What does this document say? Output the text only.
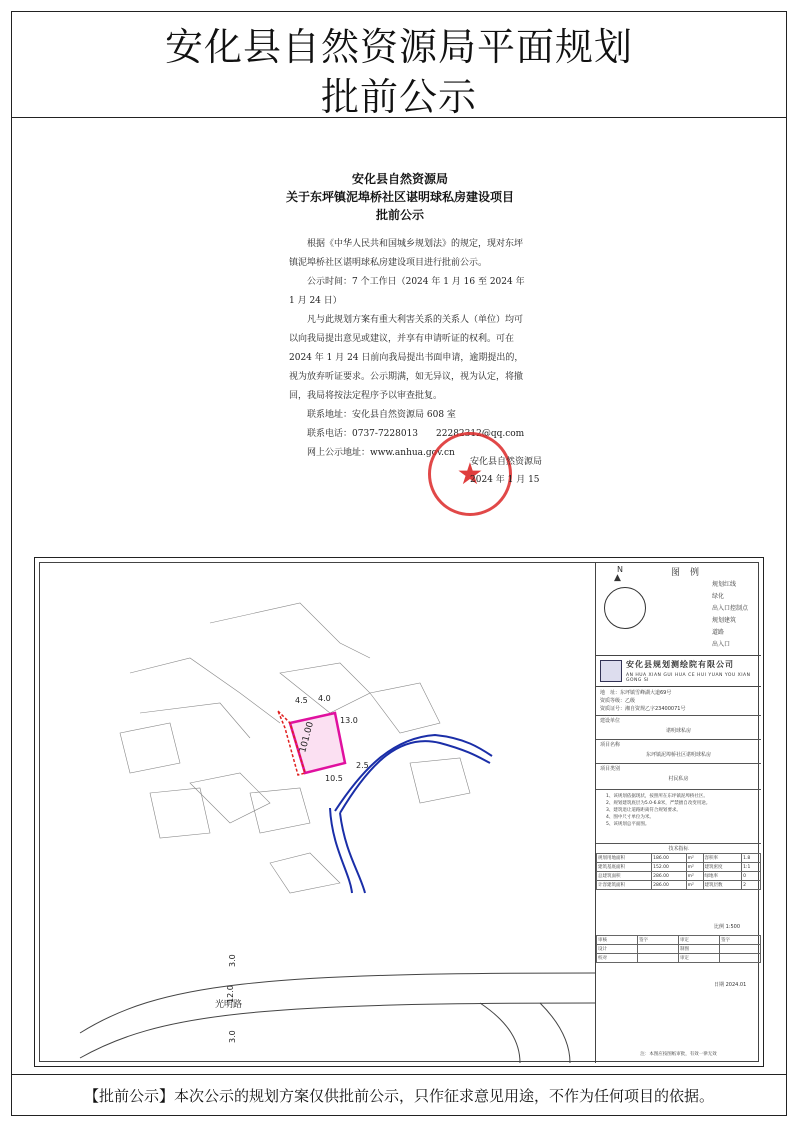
安化县自然资源局平面规划
批前公示
安化县自然资源局
关于东坪镇泥埠桥社区谌明球私房建设项目
批前公示

根据《中华人民共和国城乡规划法》的规定，现对东坪镇泥埠桥社区谌明球私房建设项目进行批前公示。

公示时间：7 个工作日（2024 年 1 月 16 至 2024 年 1 月 24 日）

凡与此规划方案有重大利害关系的关系人（单位）均可以向我局提出意见或建议，并享有申请听证的权利。可在 2024 年 1 月 24 日前向我局提出书面申请，逾期提出的，视为放弃听证要求。公示期满，如无异议，视为认定，将撤回，我局将按法定程序予以审查批复。

联系地址：安化县自然资源局 608 室

联系电话：0737-7228013　　22282312@qq.com

网上公示地址：www.anhua.gov.cn

★
安化县自然资源局
2024 年 1 月 15
101.00
4.5 4.0
13.0
10.5
2.5
光明路
3.0
12.0
3.0
图例
▲
N
规划红线
绿化
出入口控制点
规划建筑
道路
出入口
安化县规划测绘院有限公司
AN HUA XIAN GUI HUA CE HUI YUAN YOU XIAN GONG SI
地　址：东坪镇雪峰湖大道69号
资质等级：乙级
资质证号：湘自资规乙字23400071号
建设单位
谌明球私房
项目名称
东坪镇泥埠桥社区谌明球私房
项目类别
村民私房
1、该规划依据现状，按照所在东坪镇泥埠桥社区。
2、规划建筑底层为5.0-6.8米，严禁擅自改变用途。
3、建筑退让道路距离符合规划要求。
4、图中尺寸单位为米。
5、该规划总平面图。
技术指标
规划用地面积	186.00	m²	容积率	1.8
建筑基底面积	152.00	m²	建筑密度	1:1
总建筑面积	286.00	m²	绿地率	0
计容建筑面积	286.00	m²	建筑层数	2
审核	签字	审定	签字
设计		制图	
校对		审定	
比例 1:500
日期 2024.01
注：本图应按图纸审批，有效一律无效
【批前公示】本次公示的规划方案仅供批前公示，只作征求意见用途，不作为任何项目的依据。
